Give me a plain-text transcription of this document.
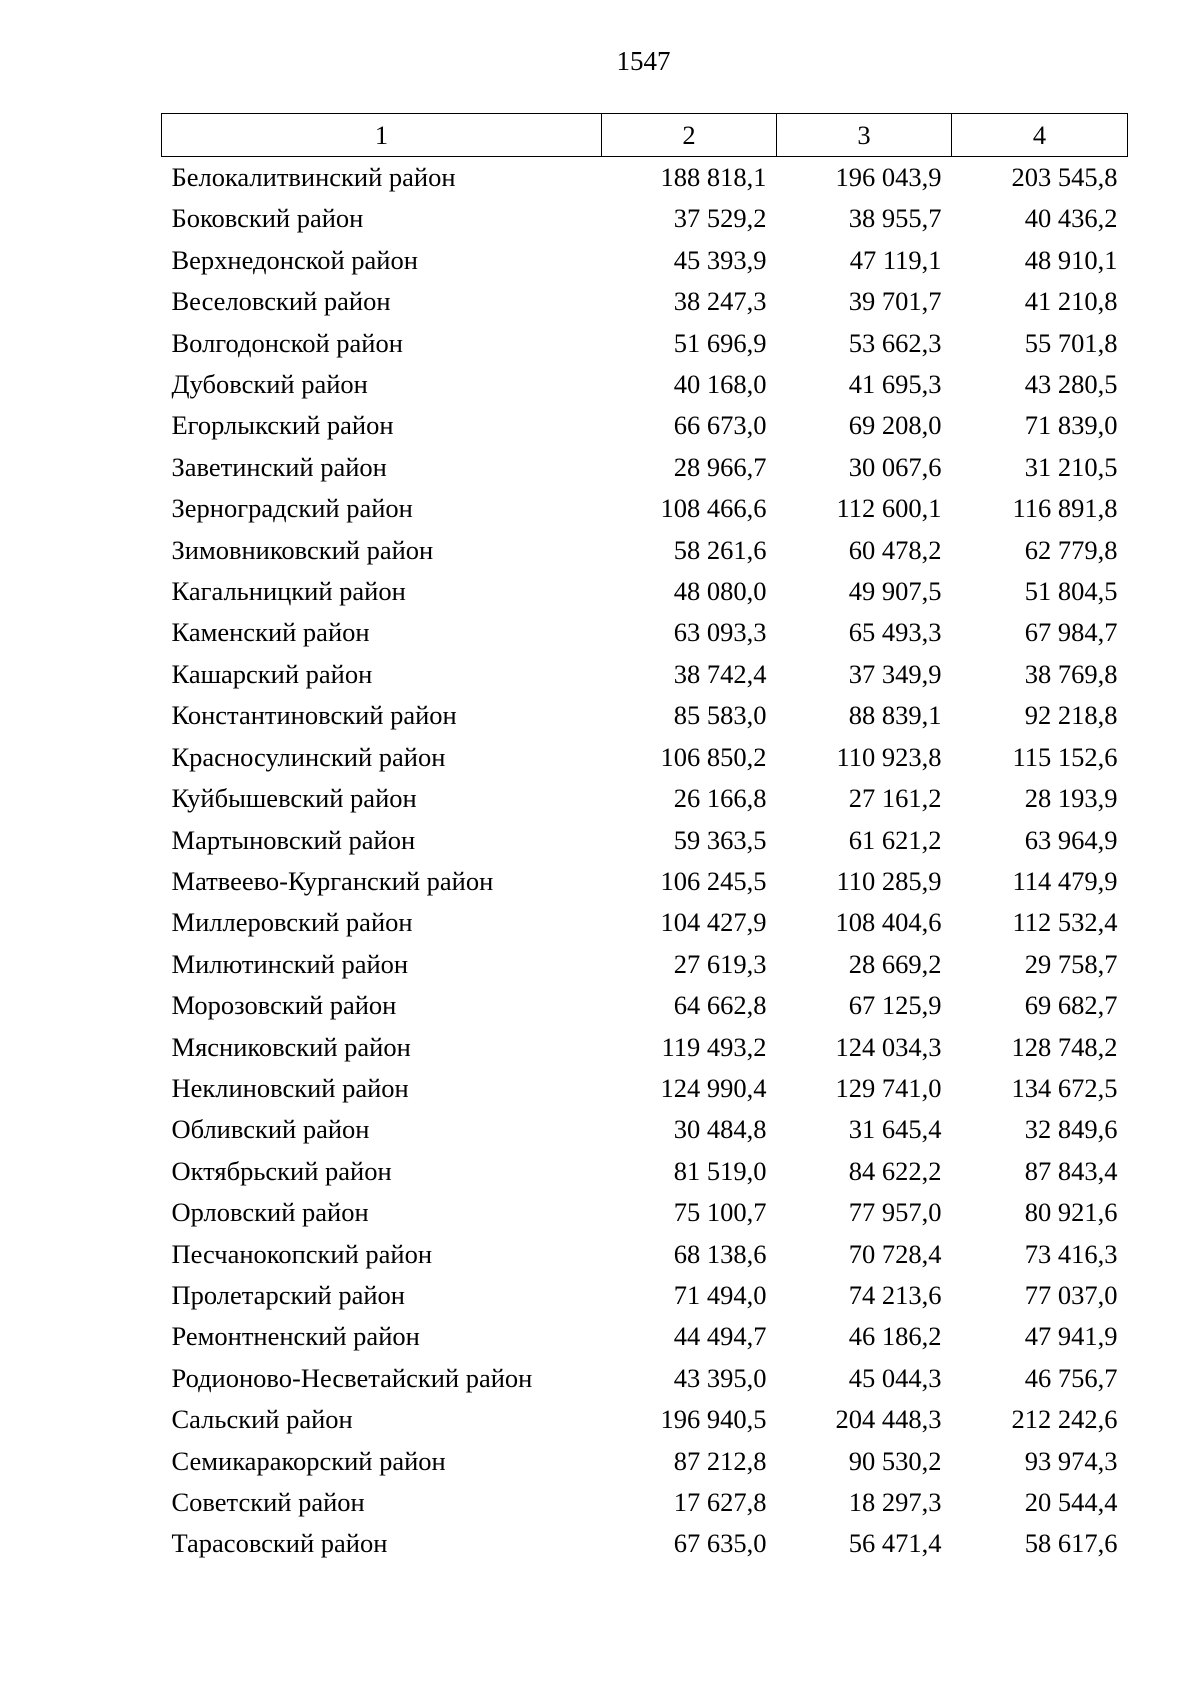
1547
1	2	3	4
Белокалитвинский район	188 818,1	196 043,9	203 545,8
Боковский район	37 529,2	38 955,7	40 436,2
Верхнедонской район	45 393,9	47 119,1	48 910,1
Веселовский район	38 247,3	39 701,7	41 210,8
Волгодонской район	51 696,9	53 662,3	55 701,8
Дубовский район	40 168,0	41 695,3	43 280,5
Егорлыкский район	66 673,0	69 208,0	71 839,0
Заветинский район	28 966,7	30 067,6	31 210,5
Зерноградский район	108 466,6	112 600,1	116 891,8
Зимовниковский район	58 261,6	60 478,2	62 779,8
Кагальницкий район	48 080,0	49 907,5	51 804,5
Каменский район	63 093,3	65 493,3	67 984,7
Кашарский район	38 742,4	37 349,9	38 769,8
Константиновский район	85 583,0	88 839,1	92 218,8
Красносулинский район	106 850,2	110 923,8	115 152,6
Куйбышевский район	26 166,8	27 161,2	28 193,9
Мартыновский район	59 363,5	61 621,2	63 964,9
Матвеево-Курганский район	106 245,5	110 285,9	114 479,9
Миллеровский район	104 427,9	108 404,6	112 532,4
Милютинский район	27 619,3	28 669,2	29 758,7
Морозовский район	64 662,8	67 125,9	69 682,7
Мясниковский район	119 493,2	124 034,3	128 748,2
Неклиновский район	124 990,4	129 741,0	134 672,5
Обливский район	30 484,8	31 645,4	32 849,6
Октябрьский район	81 519,0	84 622,2	87 843,4
Орловский район	75 100,7	77 957,0	80 921,6
Песчанокопский район	68 138,6	70 728,4	73 416,3
Пролетарский район	71 494,0	74 213,6	77 037,0
Ремонтненский район	44 494,7	46 186,2	47 941,9
Родионово-Несветайский район	43 395,0	45 044,3	46 756,7
Сальский район	196 940,5	204 448,3	212 242,6
Семикаракорский район	87 212,8	90 530,2	93 974,3
Советский район	17 627,8	18 297,3	20 544,4
Тарасовский район	67 635,0	56 471,4	58 617,6
